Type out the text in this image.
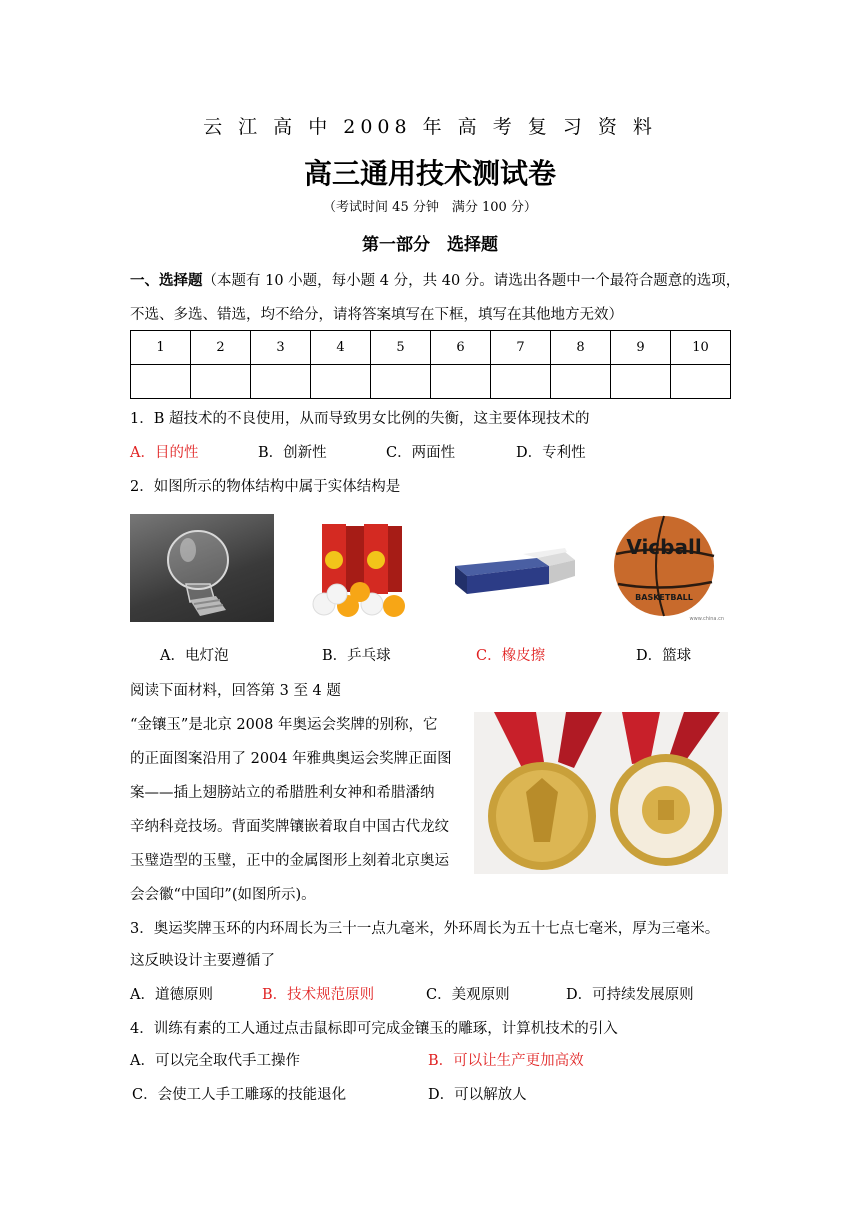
云 江 高 中 2008 年 高 考 复 习 资 料
高三通用技术测试卷
（考试时间 45 分钟　满分 100 分）
第一部分　选择题
一、选择题（本题有 10 小题，每小题 4 分，共 40 分。请选出各题中一个最符合题意的选项，
不选、多选、错选，均不给分，请将答案填写在下框，填写在其他地方无效）
1	2	3	4	5	6	7	8	9	10

1．B 超技术的不良使用，从而导致男女比例的失衡，这主要体现技术的
A．目的性	B．创新性	C．两面性	D．专利性
2．如图所示的物体结构中属于实体结构是
Vicball
BASKETBALL
www.china.cn
A．电灯泡	B．乒乓球	C．橡皮擦	D．篮球
阅读下面材料，回答第 3 至 4 题
“金镶玉”是北京 2008 年奥运会奖牌的别称，它
的正面图案沿用了 2004 年雅典奥运会奖牌正面图
案——插上翅膀站立的希腊胜利女神和希腊潘纳
辛纳科竞技场。背面奖牌镶嵌着取自中国古代龙纹
玉璧造型的玉璧，正中的金属图形上刻着北京奥运
会会徽“中国印”(如图所示)。
3．奥运奖牌玉环的内环周长为三十一点九毫米，外环周长为五十七点七毫米，厚为三毫米。
这反映设计主要遵循了
A．道德原则	B．技术规范原则	C．美观原则	D．可持续发展原则
4．训练有素的工人通过点击鼠标即可完成金镶玉的雕琢，计算机技术的引入
A．可以完全取代手工操作	B．可以让生产更加高效
C．会使工人手工雕琢的技能退化	D．可以解放人
